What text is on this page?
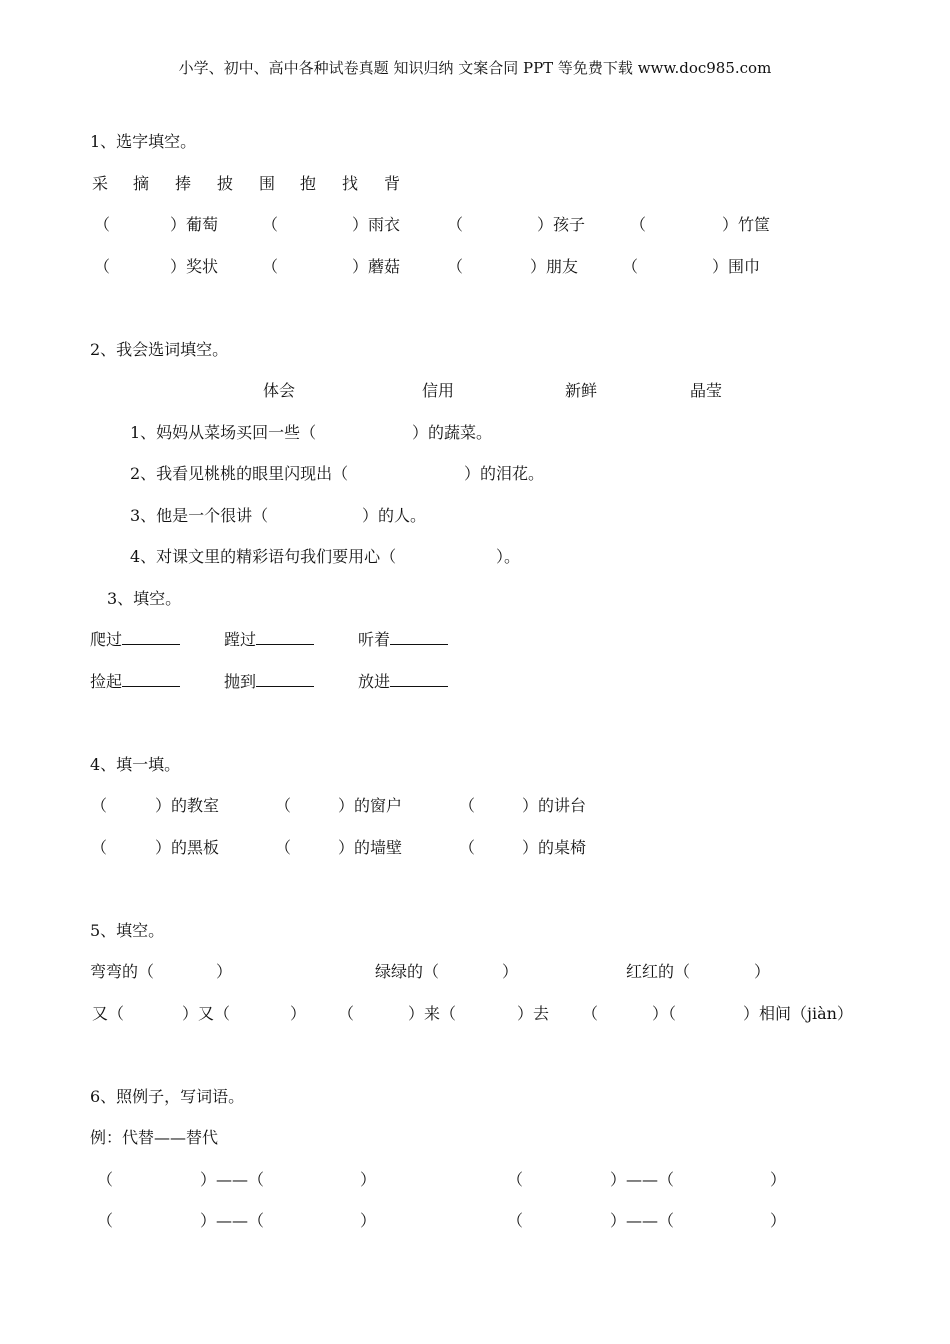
小学、初中、高中各种试卷真题 知识归纳 文案合同 PPT 等免费下载 www.doc985.com
1、选字填空。
采 摘 捧 披 围 抱 找 背
（	）葡萄	（	）雨衣	（	）孩子	（	）竹筐
（	）奖状	（	）蘑菇	（	）朋友	（	）围巾
2、我会选词填空。
体会	信用	新鲜	晶莹
1、妈妈从菜场买回一些（	）的蔬菜。
2、我看见桃桃的眼里闪现出（	）的泪花。
3、他是一个很讲（	）的人。
4、对课文里的精彩语句我们要用心（	）。
3、填空。
爬过	蹚过	听着
捡起	抛到	放进
4、填一填。
（	）的教室	（	）的窗户	（	）的讲台
（	）的黑板	（	）的墙壁	（	）的桌椅
5、填空。
弯弯的（	）	绿绿的（	）	红红的（	）
又（	）又（	） （	）来（	）去 （	）（	）相间（jiàn）
6、照例子，写词语。
例：代替——替代
（	）——（	）	（	）——（	）
（	）——（	）	（	）——（	）
